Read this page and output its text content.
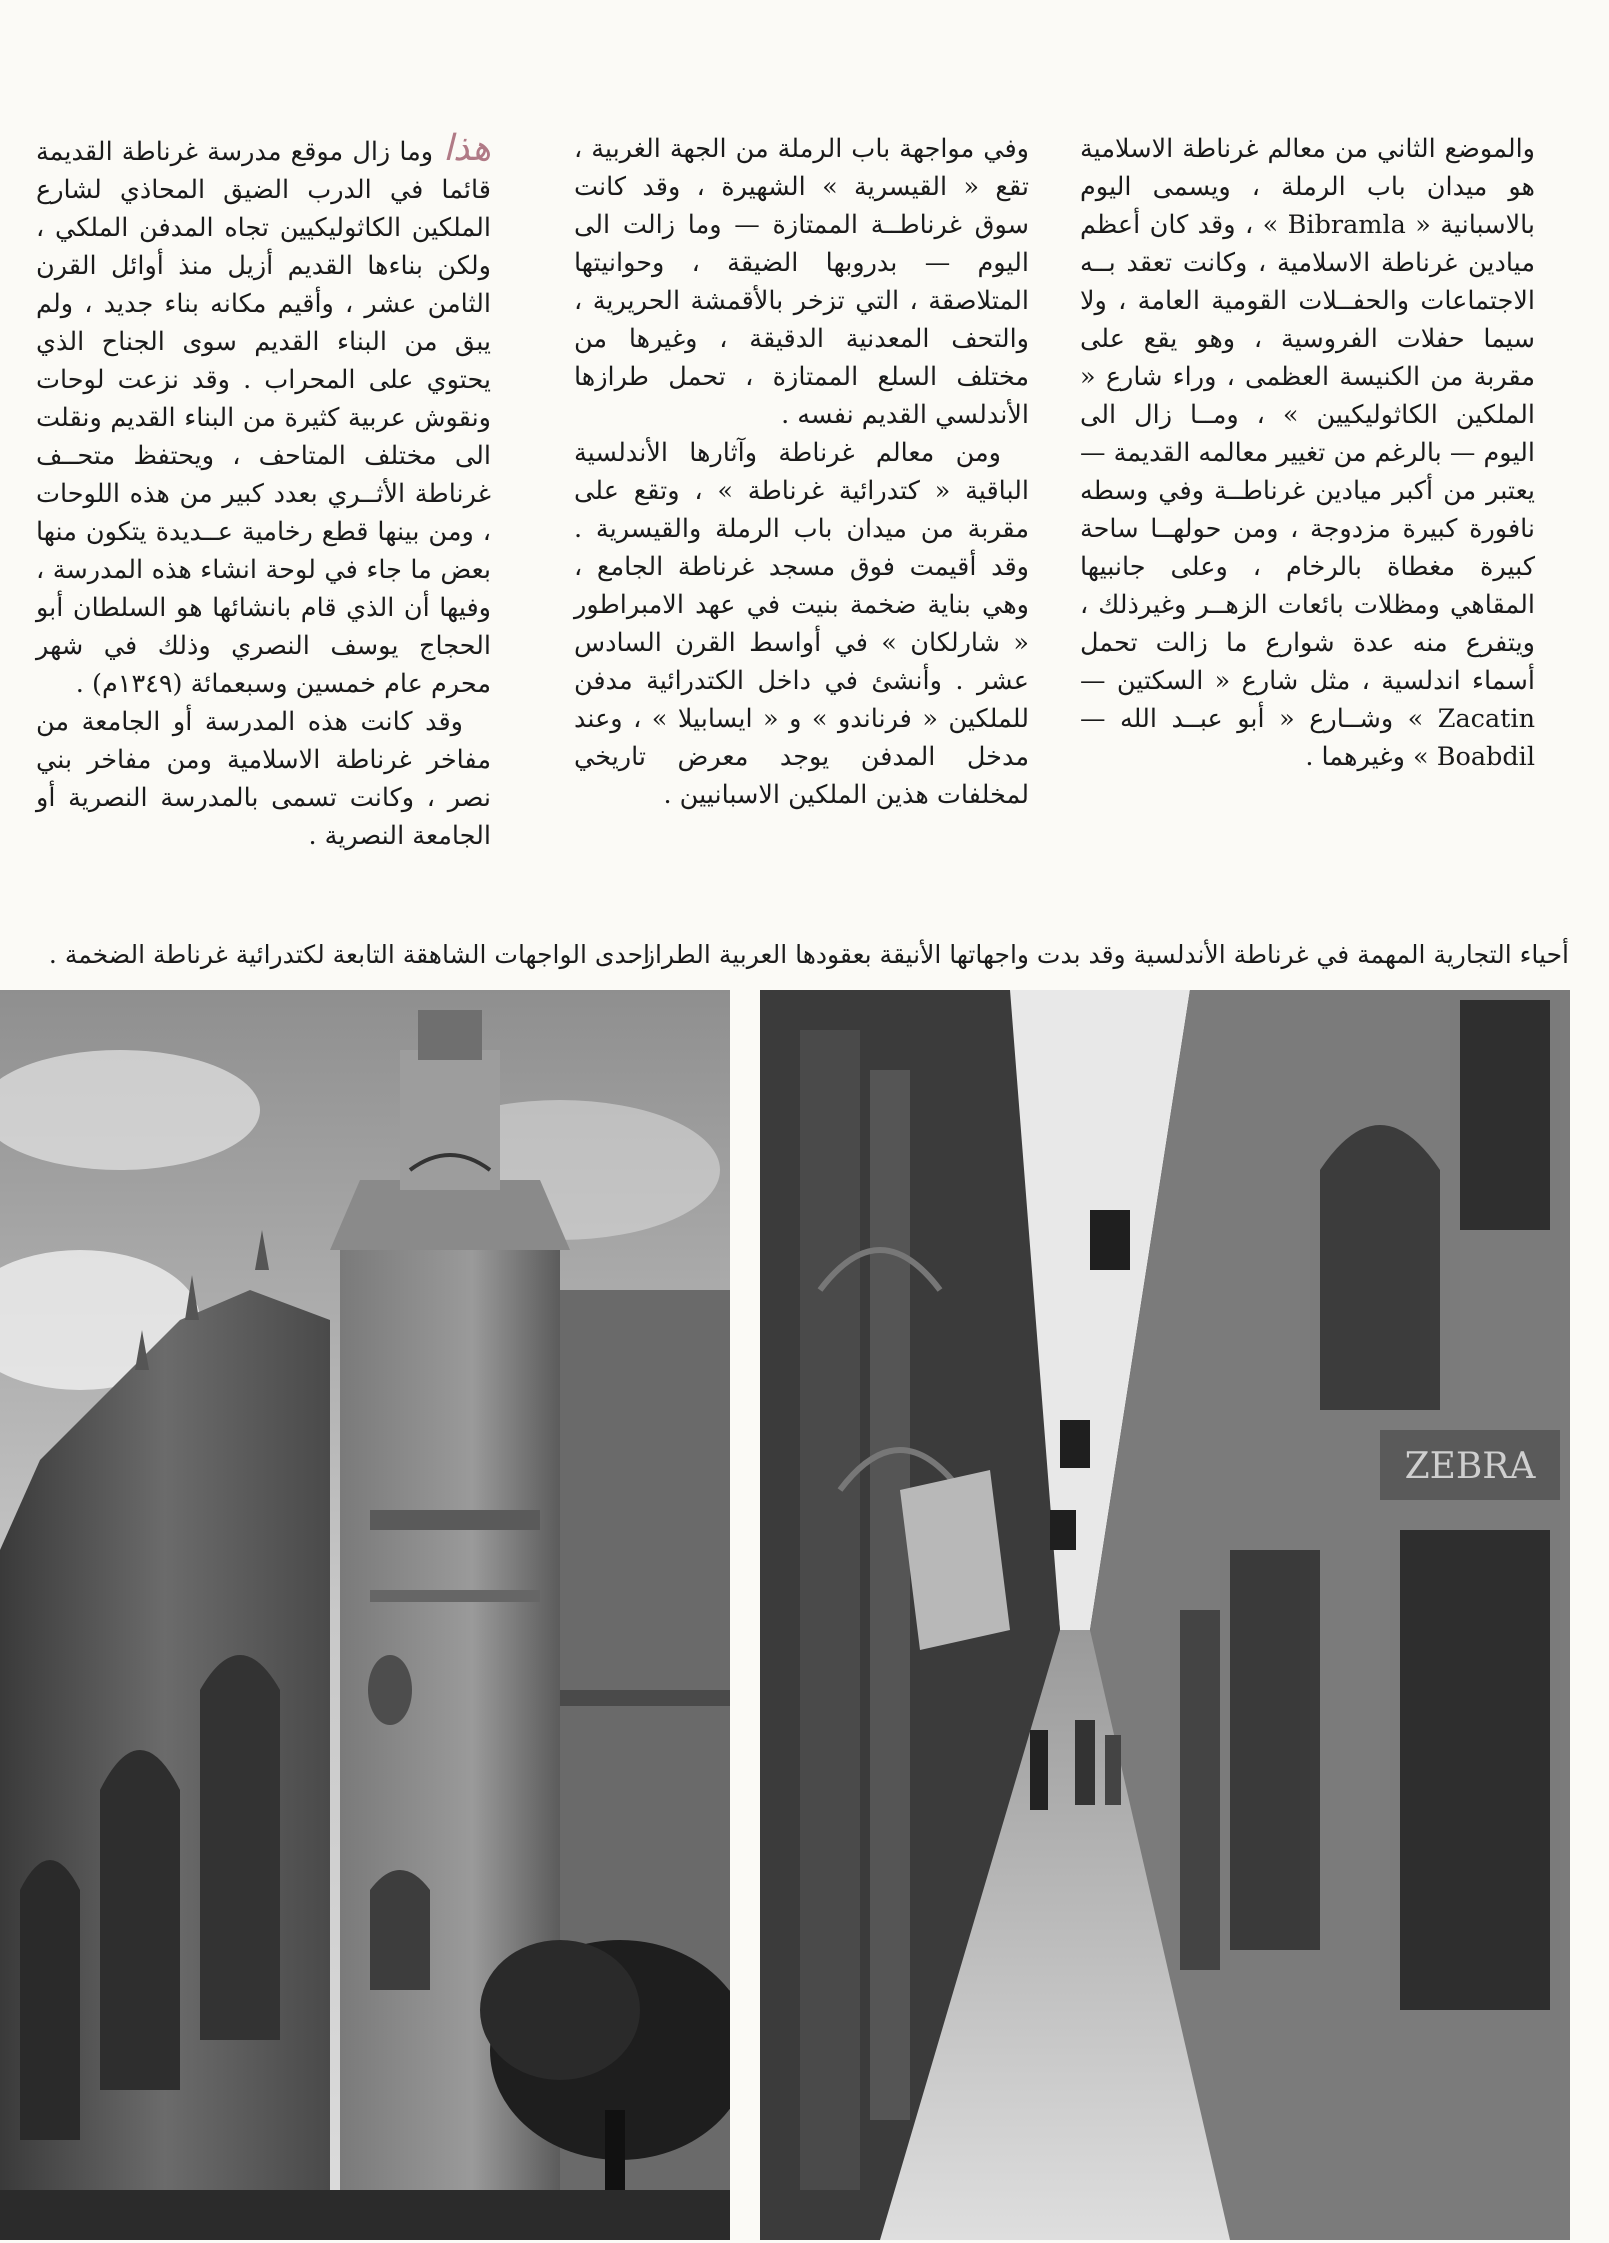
والموضع الثاني من معالم غرناطة الاسلامية هو ميدان باب الرملة ، ويسمى اليوم بالاسبانية « Bibramla » ، وقد كان أعظم ميادين غرناطة الاسلامية ، وكانت تعقد بــه الاجتماعات والحفــلات القومية العامة ، ولا سيما حفلات الفروسية ، وهو يقع على مقربة من الكنيسة العظمى ، وراء شارع « الملكين الكاثوليكيين » ، ومــا زال الى اليوم — بالرغم من تغيير معالمه القديمة — يعتبر من أكبر ميادين غرناطــة وفي وسطه نافورة كبيرة مزدوجة ، ومن حولهــا ساحة كبيرة مغطاة بالرخام ، وعلى جانبيها المقاهي ومظلات بائعات الزهــر وغيرذلك ، ويتفرع منه عدة شوارع ما زالت تحمل أسماء اندلسية ، مثل شارع « السكتين — Zacatin » وشــارع « أبو عبــد الله — Boabdil » وغيرهما .

وفي مواجهة باب الرملة من الجهة الغربية ، تقع « القيسرية » الشهيرة ، وقد كانت سوق غرناطــة الممتازة — وما زالت الى اليوم — بدروبها الضيقة ، وحوانيتها المتلاصقة ، التي تزخر بالأقمشة الحريرية ، والتحف المعدنية الدقيقة ، وغيرها من مختلف السلع الممتازة ، تحمل طرازها الأندلسي القديم نفسه .

ومن معالم غرناطة وآثارها الأندلسية الباقية « كتدرائية غرناطة » ، وتقع على مقربة من ميدان باب الرملة والقيسرية . وقد أقيمت فوق مسجد غرناطة الجامع ، وهي بناية ضخمة بنيت في عهد الامبراطور « شارلكان » في أواسط القرن السادس عشر . وأنشئ في داخل الكتدرائية مدفن للملكين « فرناندو » و « ايسابيلا » ، وعند مدخل المدفن يوجد معرض تاريخي لمخلفات هذين الملكين الاسبانيين .

هذاوما زال موقع مدرسة غرناطة القديمة قائما في الدرب الضيق المحاذي لشارع الملكين الكاثوليكيين تجاه المدفن الملكي ، ولكن بناءها القديم أزيل منذ أوائل القرن الثامن عشر ، وأقيم مكانه بناء جديد ، ولم يبق من البناء القديم سوى الجناح الذي يحتوي على المحراب . وقد نزعت لوحات ونقوش عربية كثيرة من البناء القديم ونقلت الى مختلف المتاحف ، ويحتفظ متحــف غرناطة الأثــري بعدد كبير من هذه اللوحات ، ومن بينها قطع رخامية عــديدة يتكون منها بعض ما جاء في لوحة انشاء هذه المدرسة ، وفيها أن الذي قام بانشائها هو السلطان أبو الحجاج يوسف النصري وذلك في شهر محرم عام خمسين وسبعمائة (١٣٤٩م) .

وقد كانت هذه المدرسة أو الجامعة من مفاخر غرناطة الاسلامية ومن مفاخر بني نصر ، وكانت تسمى بالمدرسة النصرية أو الجامعة النصرية .

أحياء التجارية المهمة في غرناطة الأندلسية وقد بدت واجهاتها الأنيقة بعقودها العربية الطراز .
احدى الواجهات الشاهقة التابعة لكتدرائية غرناطة الضخمة .
ZEBRA
